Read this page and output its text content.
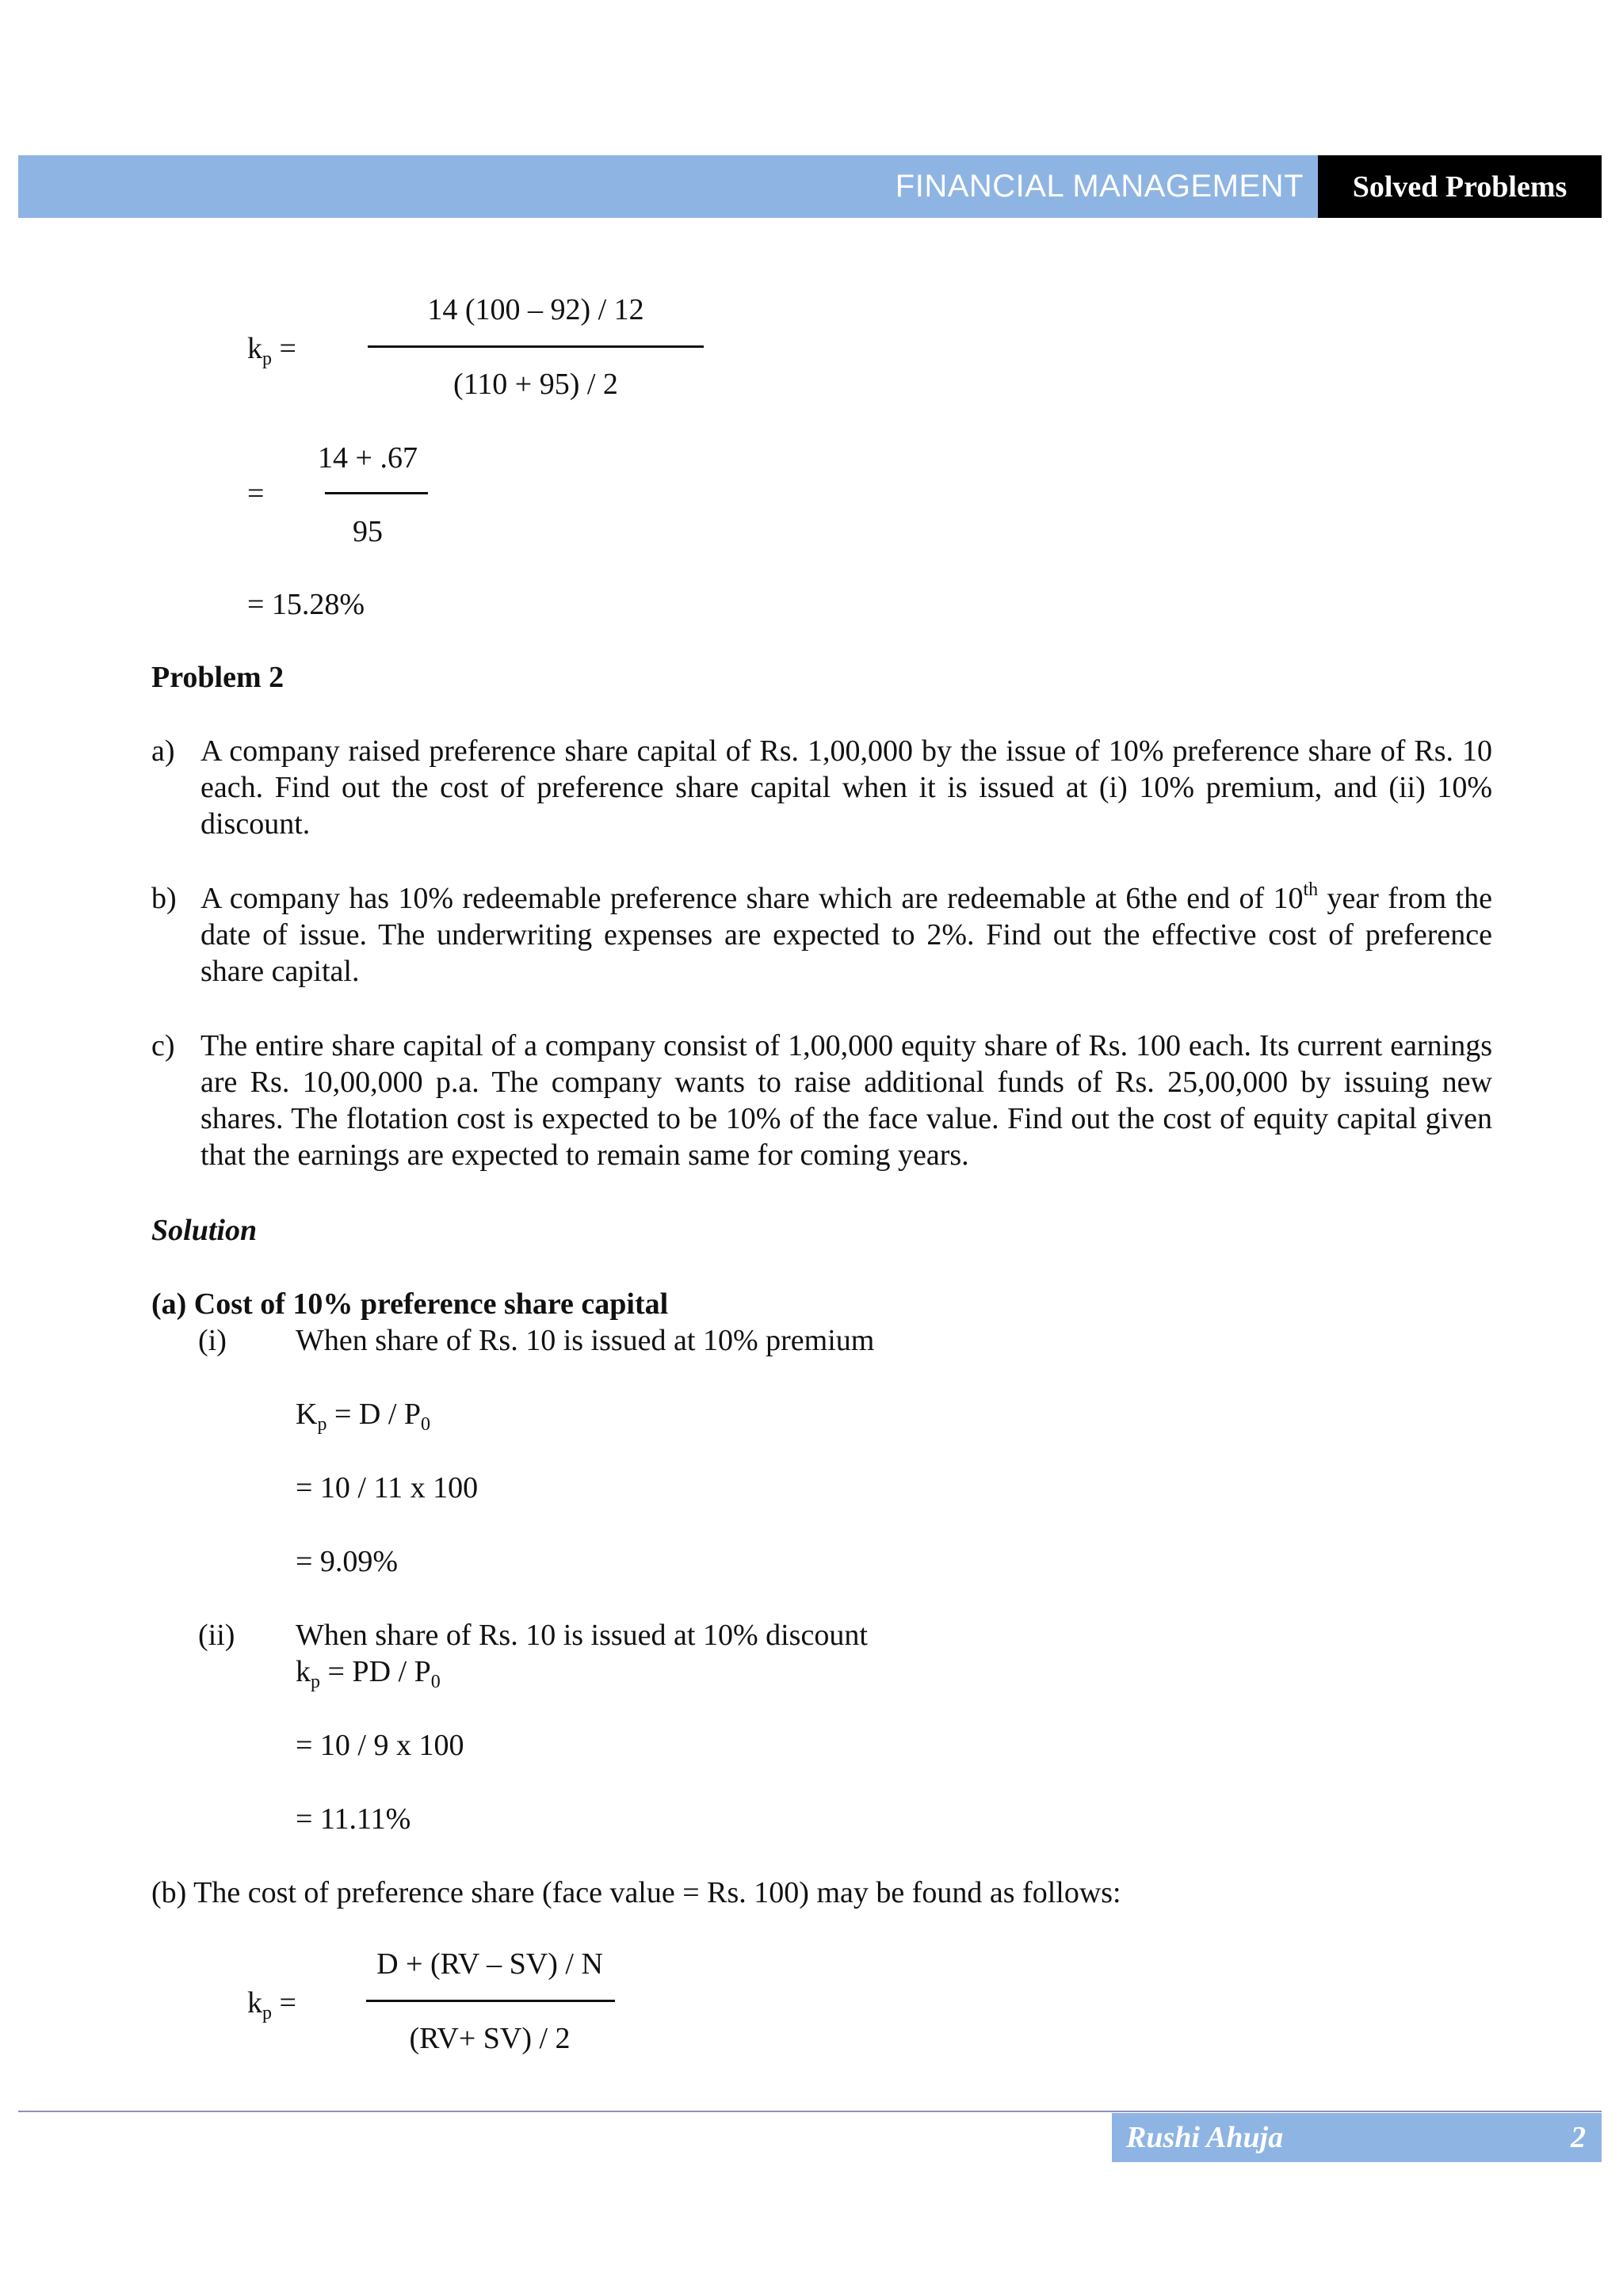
FINANCIAL MANAGEMENT Solved Problems
$k_p$ =
14 (100 – 92) / 12
(110 + 95) / 2
=
14 + .67
95
= 15.28%
Problem 2
a) A company raised preference share capital of Rs. 1,00,000 by the issue of 10% preference share of Rs. 10 each. Find out the cost of preference share capital when it is issued at (i) 10% premium, and (ii) 10% discount.
b) A company has 10% redeemable preference share which are redeemable at 6the end of 10th year from the date of issue. The underwriting expenses are expected to 2%. Find out the effective cost of preference share capital.
c) The entire share capital of a company consist of 1,00,000 equity share of Rs. 100 each. Its current earnings are Rs. 10,00,000 p.a. The company wants to raise additional funds of Rs. 25,00,000 by issuing new shares. The flotation cost is expected to be 10% of the face value. Find out the cost of equity capital given that the earnings are expected to remain same for coming years.
Solution
(a) Cost of 10% preference share capital
(i) When share of Rs. 10 is issued at 10% premium
$K_p = D / P_0$
= 10 / 11 x 100
= 9.09%
(ii) When share of Rs. 10 is issued at 10% discount
$k_p$ = PD / $P_0$
= 10 / 9 x 100
= 11.11%
(b) The cost of preference share (face value = Rs. 100) may be found as follows:
$k_p$ =
D + (RV – SV) / N
(RV+ SV) / 2
Rushi Ahuja	2
